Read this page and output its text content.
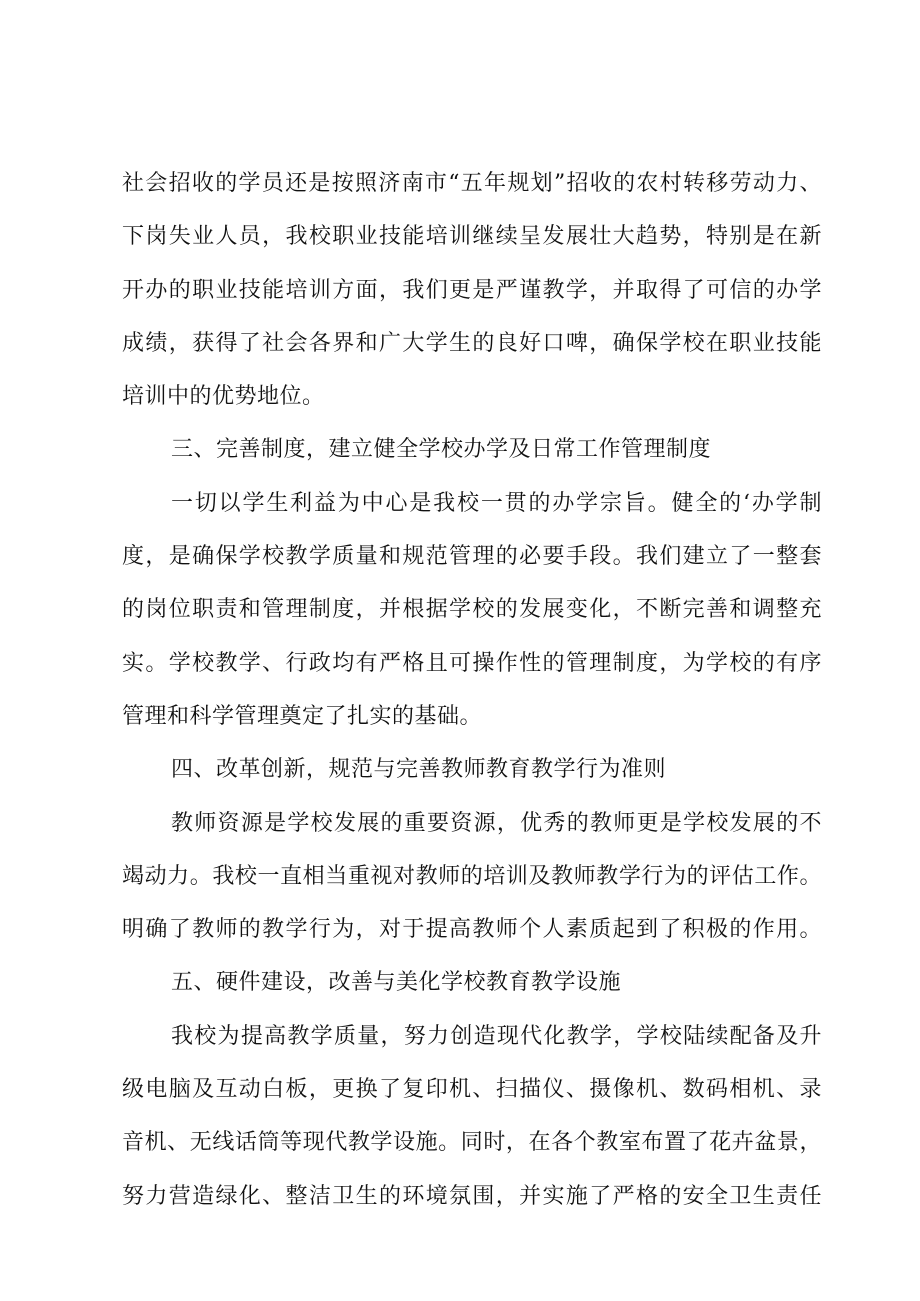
社会招收的学员还是按照济南市“五年规划”招收的农村转移劳动力、
下岗失业人员，我校职业技能培训继续呈发展壮大趋势，特别是在新
开办的职业技能培训方面，我们更是严谨教学，并取得了可信的办学
成绩，获得了社会各界和广大学生的良好口啤，确保学校在职业技能
培训中的优势地位。
三、完善制度，建立健全学校办学及日常工作管理制度
一切以学生利益为中心是我校一贯的办学宗旨。健全的‘办学制
度，是确保学校教学质量和规范管理的必要手段。我们建立了一整套
的岗位职责和管理制度，并根据学校的发展变化，不断完善和调整充
实。学校教学、行政均有严格且可操作性的管理制度，为学校的有序
管理和科学管理奠定了扎实的基础。
四、改革创新，规范与完善教师教育教学行为准则
教师资源是学校发展的重要资源，优秀的教师更是学校发展的不
竭动力。我校一直相当重视对教师的培训及教师教学行为的评估工作。
明确了教师的教学行为，对于提高教师个人素质起到了积极的作用。
五、硬件建设，改善与美化学校教育教学设施
我校为提高教学质量，努力创造现代化教学，学校陆续配备及升
级电脑及互动白板，更换了复印机、扫描仪、摄像机、数码相机、录
音机、无线话筒等现代教学设施。同时，在各个教室布置了花卉盆景，
努力营造绿化、整洁卫生的环境氛围，并实施了严格的安全卫生责任
